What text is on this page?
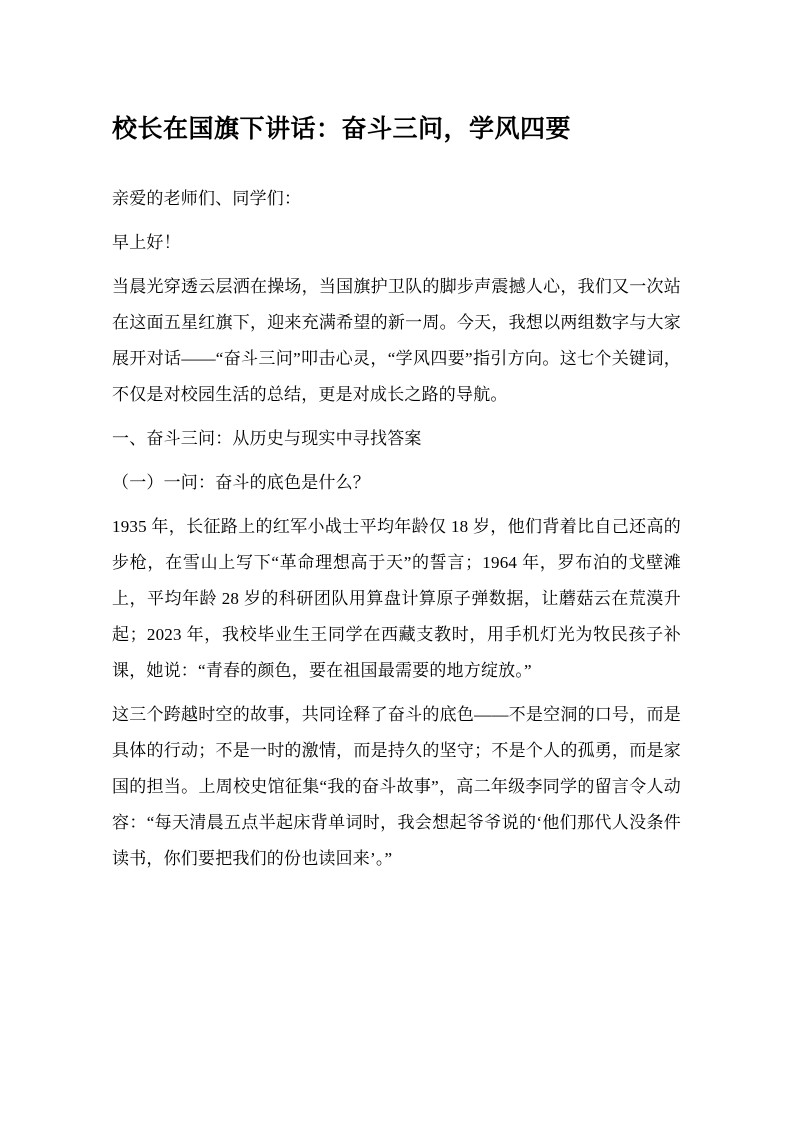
校长在国旗下讲话：奋斗三问，学风四要

亲爱的老师们、同学们：

早上好！

当晨光穿透云层洒在操场，当国旗护卫队的脚步声震撼人心，我们又一次站在这面五星红旗下，迎来充满希望的新一周。今天，我想以两组数字与大家展开对话——“奋斗三问”叩击心灵，“学风四要”指引方向。这七个关键词，不仅是对校园生活的总结，更是对成长之路的导航。

一、奋斗三问：从历史与现实中寻找答案

（一）一问：奋斗的底色是什么？

1935 年，长征路上的红军小战士平均年龄仅 18 岁，他们背着比自己还高的步枪，在雪山上写下“革命理想高于天”的誓言；1964 年，罗布泊的戈壁滩上，平均年龄 28 岁的科研团队用算盘计算原子弹数据，让蘑菇云在荒漠升起；2023 年，我校毕业生王同学在西藏支教时，用手机灯光为牧民孩子补课，她说：“青春的颜色，要在祖国最需要的地方绽放。”

这三个跨越时空的故事，共同诠释了奋斗的底色——不是空洞的口号，而是具体的行动；不是一时的激情，而是持久的坚守；不是个人的孤勇，而是家国的担当。上周校史馆征集“我的奋斗故事”，高二年级李同学的留言令人动容：“每天清晨五点半起床背单词时，我会想起爷爷说的‘他们那代人没条件读书，你们要把我们的份也读回来’。”
